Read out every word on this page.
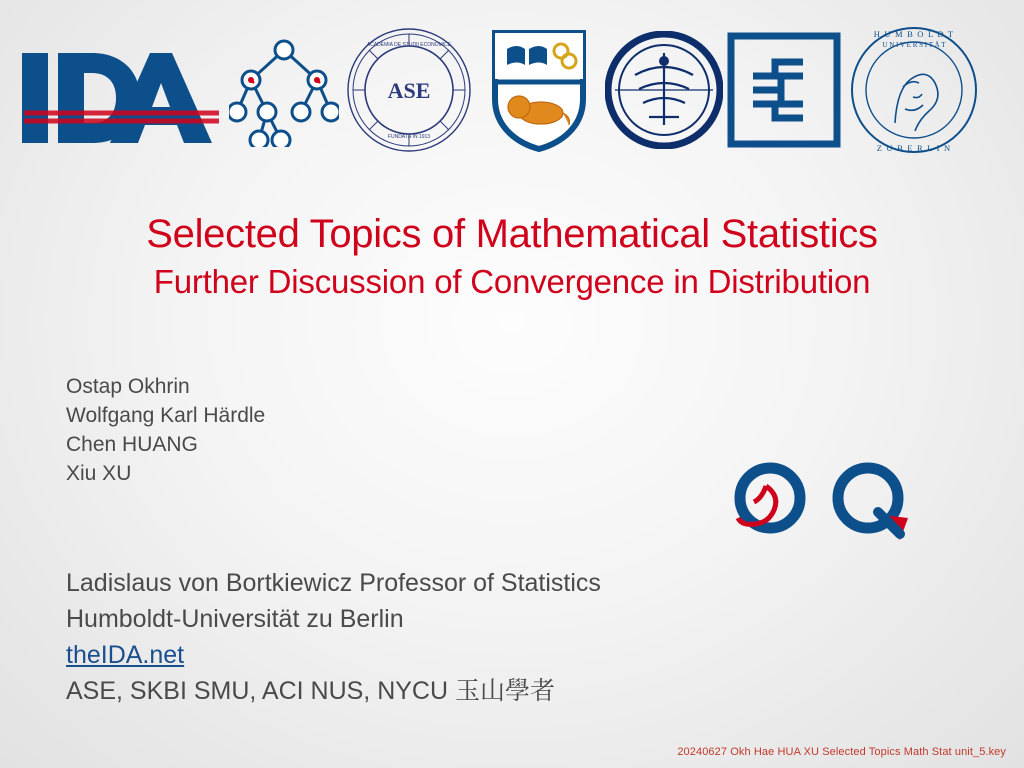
ASE
ACADEMIA DE STUDII ECONOMICE
FUNDATĂ ÎN 1913
H U M B O L D T
Z U B E R L I N
U N I V E R S I T Ä T
Selected Topics of Mathematical Statistics
Further Discussion of Convergence in Distribution
Ostap Okhrin
Wolfgang Karl Härdle
Chen HUANG
Xiu XU
Ladislaus von Bortkiewicz Professor of Statistics
Humboldt-Universität zu Berlin
theIDA.net
ASE, SKBI SMU, ACI NUS, NYCU 玉山學者
20240627 Okh Hae HUA XU Selected Topics Math Stat unit_5.key
